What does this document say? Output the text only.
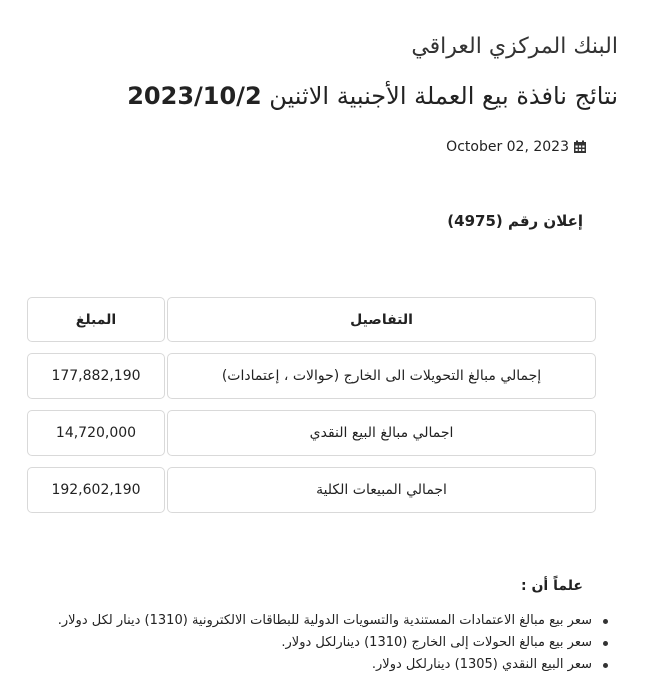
البنك المركزي العراقي
نتائج نافذة بيع العملة الأجنبية الاثنين 2023/10/2
October 02, 2023
إعلان رقم (4975)
المبلغ	التفاصيل
177,882,190	إجمالي مبالغ التحويلات الى الخارج (حوالات ، إعتمادات)
14,720,000	اجمالي مبالغ البيع النقدي
192,602,190	اجمالي المبيعات الكلية
علماً أن :
سعر بيع مبالغ الاعتمادات المستندية والتسويات الدولية للبطاقات الالكترونية (1310) دينار لكل دولار.
سعر بيع مبالغ الحولات إلى الخارج (1310) دينارلكل دولار.
سعر البيع النقدي (1305) دينارلكل دولار.
